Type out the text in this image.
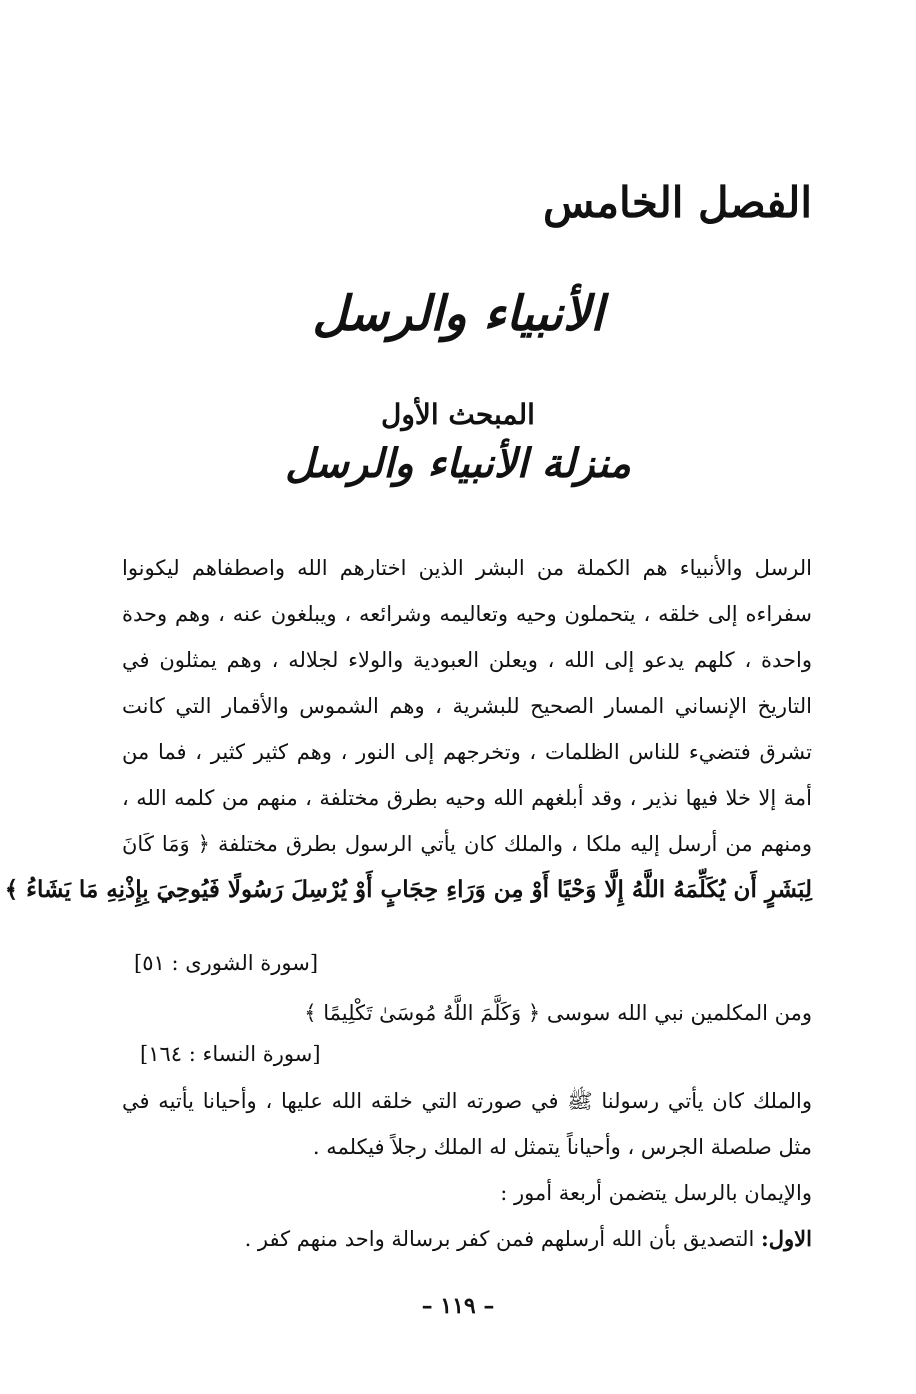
الفصل الخامس
الأنبياء والرسل
المبحث الأول
منزلة الأنبياء والرسل
الرسل والأنبياء هم الكملة من البشر الذين اختارهم الله واصطفاهم ليكونوا
سفراءه إلى خلقه ، يتحملون وحيه وتعاليمه وشرائعه ، ويبلغون عنه ، وهم وحدة
واحدة ، كلهم يدعو إلى الله ، ويعلن العبودية والولاء لجلاله ، وهم يمثلون في
التاريخ الإنساني المسار الصحيح للبشرية ، وهم الشموس والأقمار التي كانت
تشرق فتضيء للناس الظلمات ، وتخرجهم إلى النور ، وهم كثير كثير ، فما من
أمة إلا خلا فيها نذير ، وقد أبلغهم الله وحيه بطرق مختلفة ، منهم من كلمه الله ،
ومنهم من أرسل إليه ملكا ، والملك كان يأتي الرسول بطرق مختلفة ﴿ وَمَا كَانَ
لِبَشَرٍ أَن يُكَلِّمَهُ اللَّهُ إِلَّا وَحْيًا أَوْ مِن وَرَاءِ حِجَابٍ أَوْ يُرْسِلَ رَسُولًا فَيُوحِيَ بِإِذْنِهِ مَا يَشَاءُ ﴾
[سورة الشورى : ٥١]
ومن المكلمين نبي الله سوسى ﴿ وَكَلَّمَ اللَّهُ مُوسَىٰ تَكْلِيمًا ﴾
[سورة النساء : ١٦٤]
والملك كان يأتي رسولنا ﷺ في صورته التي خلقه الله عليها ، وأحيانا يأتيه في
مثل صلصلة الجرس ، وأحياناً يتمثل له الملك رجلاً فيكلمه .
والإيمان بالرسل يتضمن أربعة أمور :
الاول: التصديق بأن الله أرسلهم فمن كفر برسالة واحد منهم كفر .
– ١١٩ –
